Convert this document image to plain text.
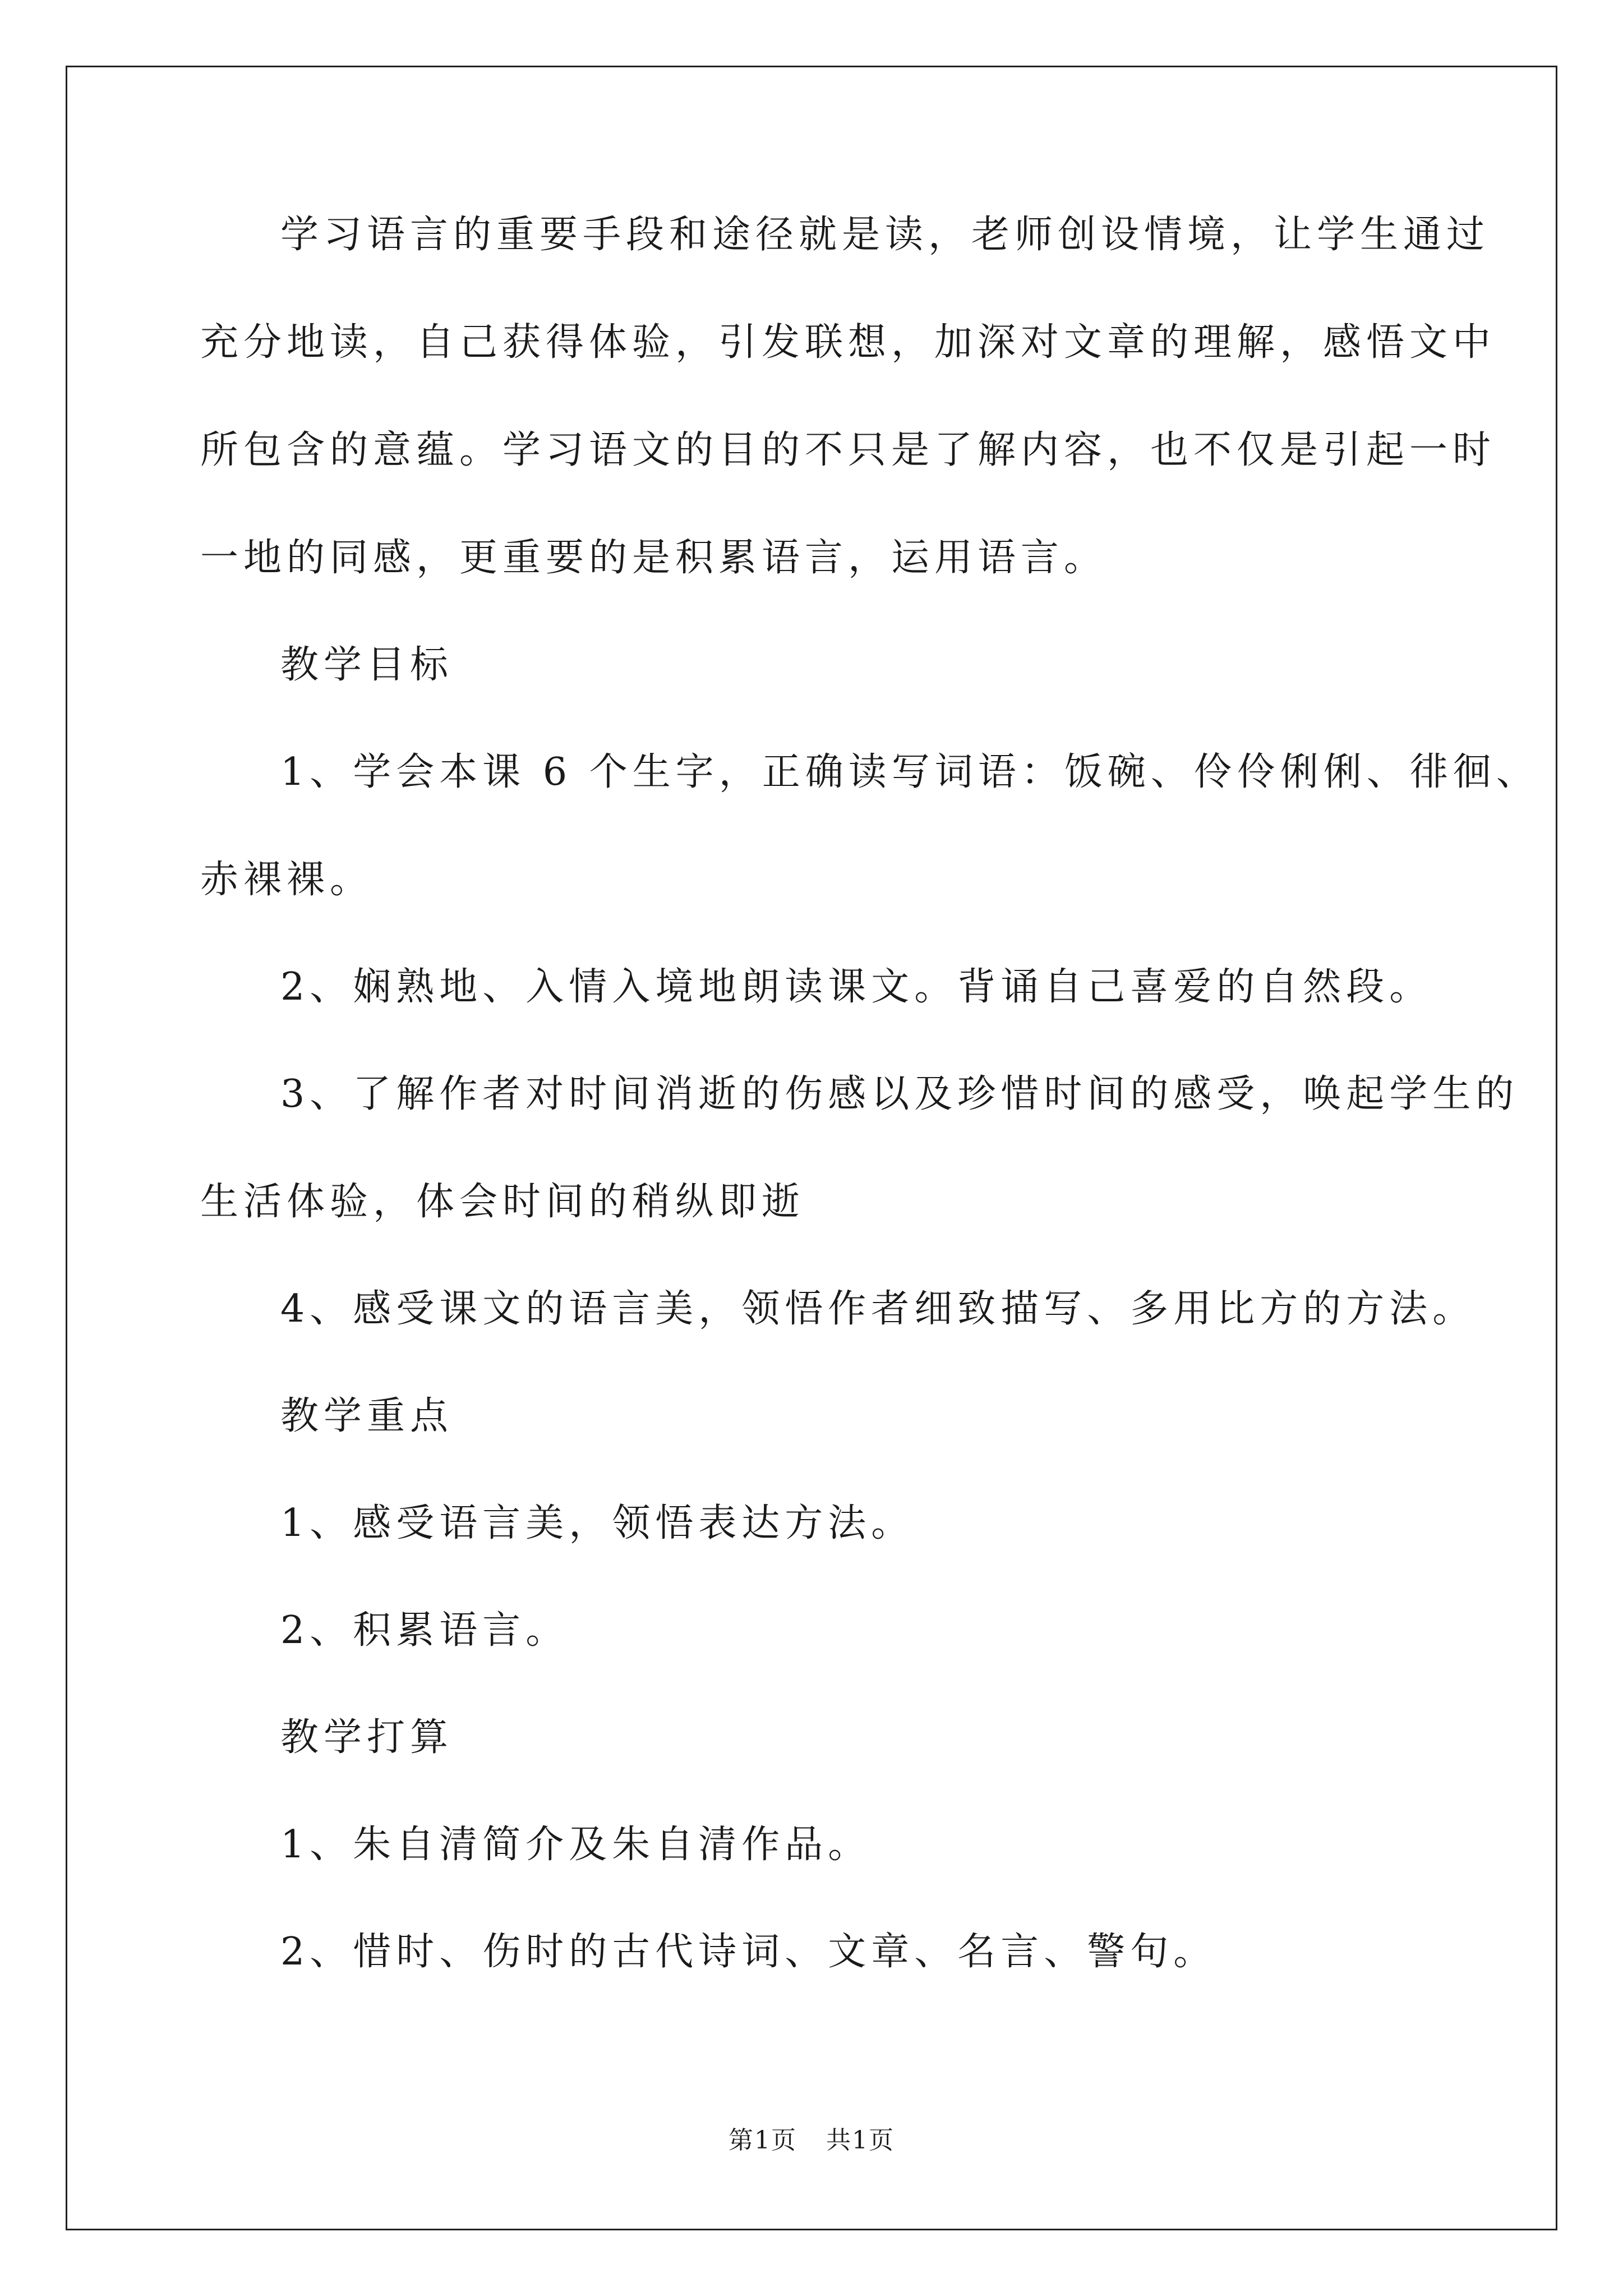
学习语言的重要手段和途径就是读，老师创设情境，让学生通过
充分地读，自己获得体验，引发联想，加深对文章的理解，感悟文中
所包含的意蕴。学习语文的目的不只是了解内容，也不仅是引起一时
一地的同感，更重要的是积累语言，运用语言。
教学目标
1、学会本课 6 个生字，正确读写词语：饭碗、伶伶俐俐、徘徊、
赤裸裸。
2、娴熟地、入情入境地朗读课文。背诵自己喜爱的自然段。
3、了解作者对时间消逝的伤感以及珍惜时间的感受，唤起学生的
生活体验，体会时间的稍纵即逝
4、感受课文的语言美，领悟作者细致描写、多用比方的方法。
教学重点
1、感受语言美，领悟表达方法。
2、积累语言。
教学打算
1、朱自清简介及朱自清作品。
2、惜时、伤时的古代诗词、文章、名言、警句。
第1页 共1页
